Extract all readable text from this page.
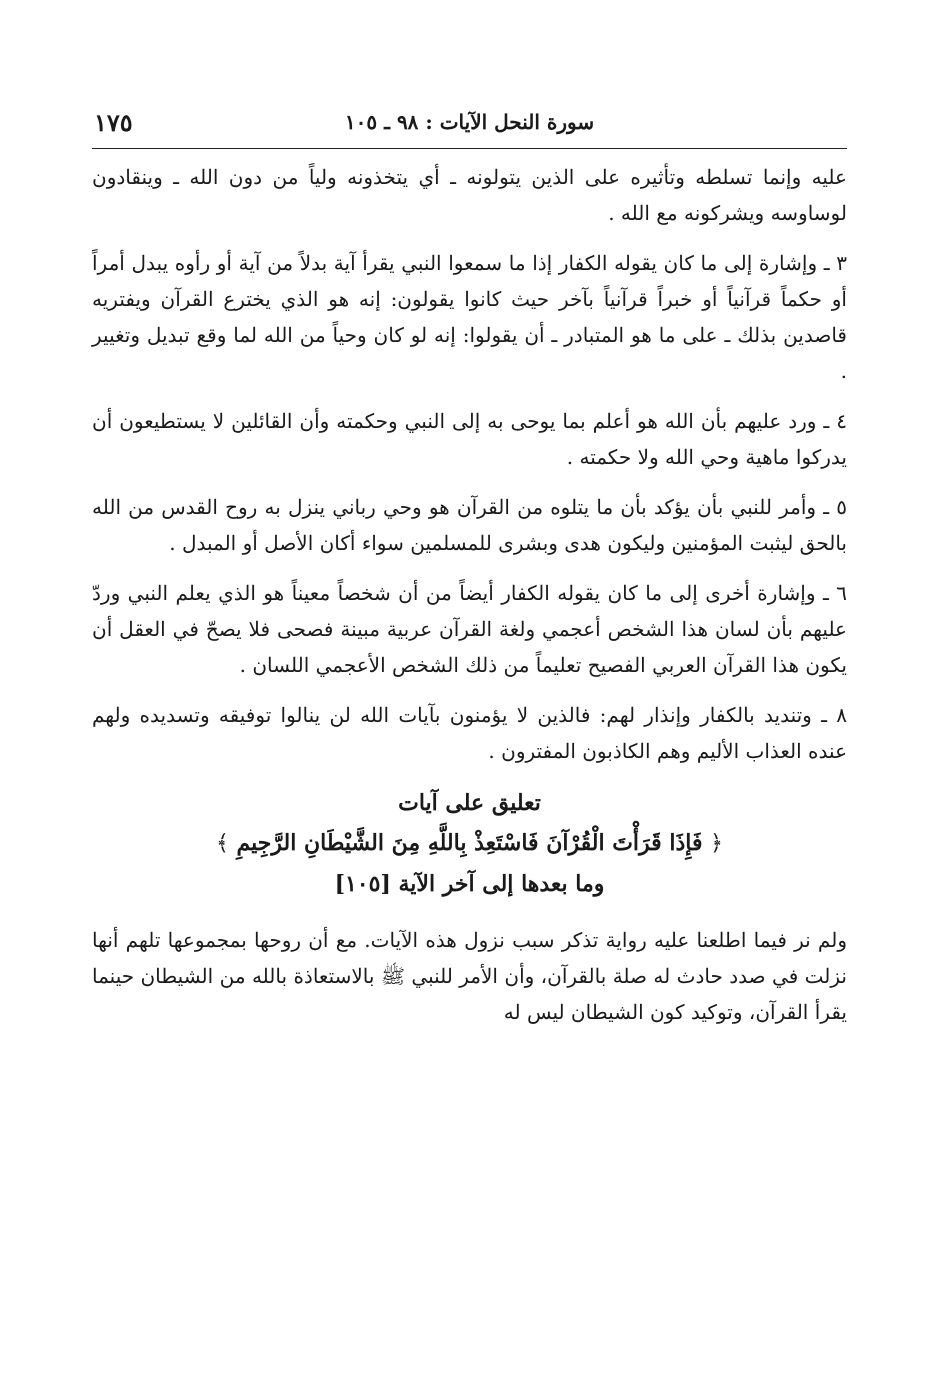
سورة النحل الآيات : ٩٨ ـ ١٠٥
١٧٥

عليه وإنما تسلطه وتأثيره على الذين يتولونه ـ أي يتخذونه ولياً من دون الله ـ وينقادون لوساوسه ويشركونه مع الله .

٣ ـ وإشارة إلى ما كان يقوله الكفار إذا ما سمعوا النبي يقرأ آية بدلاً من آية أو رأوه يبدل أمراً أو حكماً قرآنياً أو خبراً قرآنياً بآخر حيث كانوا يقولون: إنه هو الذي يخترع القرآن ويفتريه قاصدين بذلك ـ على ما هو المتبادر ـ أن يقولوا: إنه لو كان وحياً من الله لما وقع تبديل وتغيير .

٤ ـ ورد عليهم بأن الله هو أعلم بما يوحى به إلى النبي وحكمته وأن القائلين لا يستطيعون أن يدركوا ماهية وحي الله ولا حكمته .

٥ ـ وأمر للنبي بأن يؤكد بأن ما يتلوه من القرآن هو وحي رباني ينزل به روح القدس من الله بالحق ليثبت المؤمنين وليكون هدى وبشرى للمسلمين سواء أكان الأصل أو المبدل .

٦ ـ وإشارة أخرى إلى ما كان يقوله الكفار أيضاً من أن شخصاً معيناً هو الذي يعلم النبي وردّ عليهم بأن لسان هذا الشخص أعجمي ولغة القرآن عربية مبينة فصحى فلا يصحّ في العقل أن يكون هذا القرآن العربي الفصيح تعليماً من ذلك الشخص الأعجمي اللسان .

٨ ـ وتنديد بالكفار وإنذار لهم: فالذين لا يؤمنون بآيات الله لن ينالوا توفيقه وتسديده ولهم عنده العذاب الأليم وهم الكاذبون المفترون .

تعليق على آيات
﴿ فَإِذَا قَرَأْتَ الْقُرْآنَ فَاسْتَعِذْ بِاللَّهِ مِنَ الشَّيْطَانِ الرَّجِيمِ ﴾
وما بعدها إلى آخر الآية [١٠٥]

ولم نر فيما اطلعنا عليه رواية تذكر سبب نزول هذه الآيات. مع أن روحها بمجموعها تلهم أنها نزلت في صدد حادث له صلة بالقرآن، وأن الأمر للنبي ﷺ بالاستعاذة بالله من الشيطان حينما يقرأ القرآن، وتوكيد كون الشيطان ليس له
